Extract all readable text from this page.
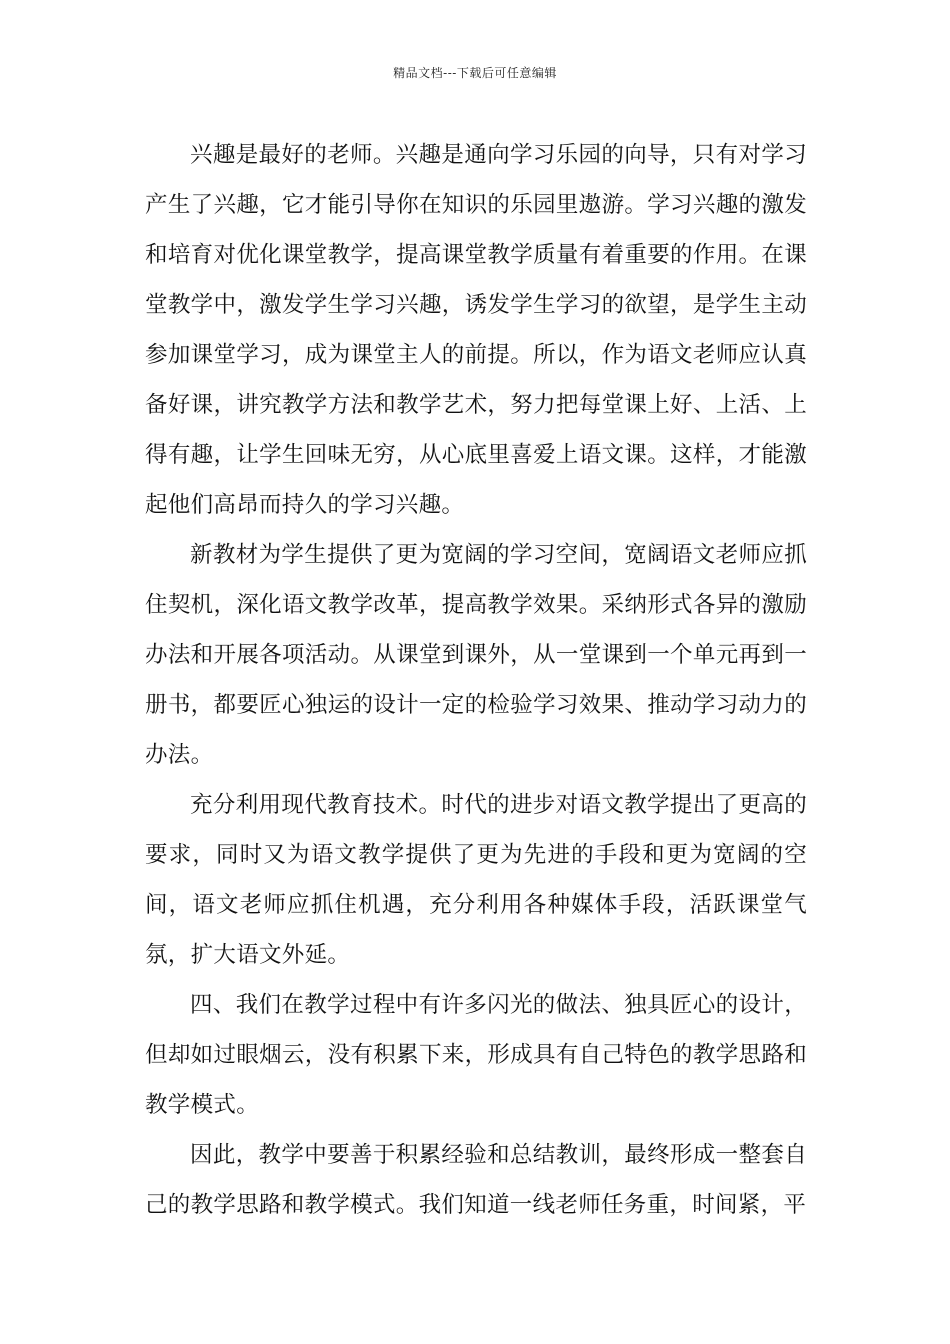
精品文档---下载后可任意编辑

兴趣是最好的老师。兴趣是通向学习乐园的向导，只有对学习产生了兴趣，它才能引导你在知识的乐园里遨游。学习兴趣的激发和培育对优化课堂教学，提高课堂教学质量有着重要的作用。在课堂教学中，激发学生学习兴趣，诱发学生学习的欲望，是学生主动参加课堂学习，成为课堂主人的前提。所以，作为语文老师应认真备好课，讲究教学方法和教学艺术，努力把每堂课上好、上活、上得有趣，让学生回味无穷，从心底里喜爱上语文课。这样，才能激起他们高昂而持久的学习兴趣。

新教材为学生提供了更为宽阔的学习空间，宽阔语文老师应抓住契机，深化语文教学改革，提高教学效果。采纳形式各异的激励办法和开展各项活动。从课堂到课外，从一堂课到一个单元再到一册书，都要匠心独运的设计一定的检验学习效果、推动学习动力的办法。

充分利用现代教育技术。时代的进步对语文教学提出了更高的要求，同时又为语文教学提供了更为先进的手段和更为宽阔的空间，语文老师应抓住机遇，充分利用各种媒体手段，活跃课堂气氛，扩大语文外延。

四、我们在教学过程中有许多闪光的做法、独具匠心的设计，但却如过眼烟云，没有积累下来，形成具有自己特色的教学思路和教学模式。

因此，教学中要善于积累经验和总结教训，最终形成一整套自己的教学思路和教学模式。我们知道一线老师任务重，时间紧，平
